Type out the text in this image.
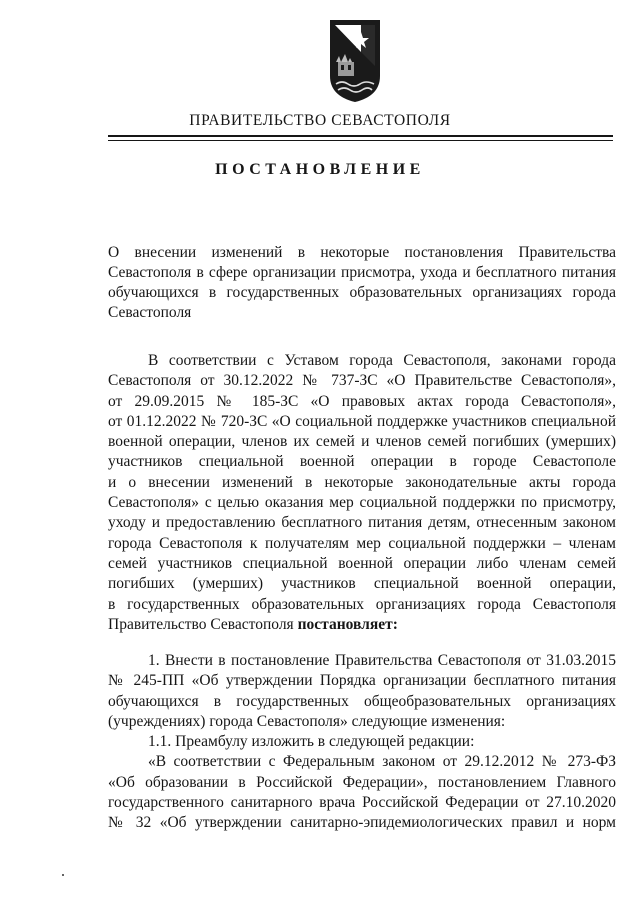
ПРАВИТЕЛЬСТВО СЕВАСТОПОЛЯ
ПОСТАНОВЛЕНИЕ
О внесении изменений в некоторые постановления Правительства
Севастополя в сфере организации присмотра, ухода и бесплатного питания
обучающихся в государственных образовательных организациях города
Севастополя
В соответствии с Уставом города Севастополя, законами города
Севастополя от 30.12.2022 № 737-ЗС «О Правительстве Севастополя»,
от 29.09.2015 № 185-ЗС «О правовых актах города Севастополя»,
от 01.12.2022 № 720-ЗС «О социальной поддержке участников специальной
военной операции, членов их семей и членов семей погибших (умерших)
участников специальной военной операции в городе Севастополе
и о внесении изменений в некоторые законодательные акты города
Севастополя» с целью оказания мер социальной поддержки по присмотру,
уходу и предоставлению бесплатного питания детям, отнесенным законом
города Севастополя к получателям мер социальной поддержки – членам
семей участников специальной военной операции либо членам семей
погибших (умерших) участников специальной военной операции,
в государственных образовательных организациях города Севастополя
Правительство Севастополя постановляет:
1. Внести в постановление Правительства Севастополя от 31.03.2015
№ 245-ПП «Об утверждении Порядка организации бесплатного питания
обучающихся в государственных общеобразовательных организациях
(учреждениях) города Севастополя» следующие изменения:
1.1. Преамбулу изложить в следующей редакции:
«В соответствии с Федеральным законом от 29.12.2012 № 273-ФЗ
«Об образовании в Российской Федерации», постановлением Главного
государственного санитарного врача Российской Федерации от 27.10.2020
№ 32 «Об утверждении санитарно-эпидемиологических правил и норм
